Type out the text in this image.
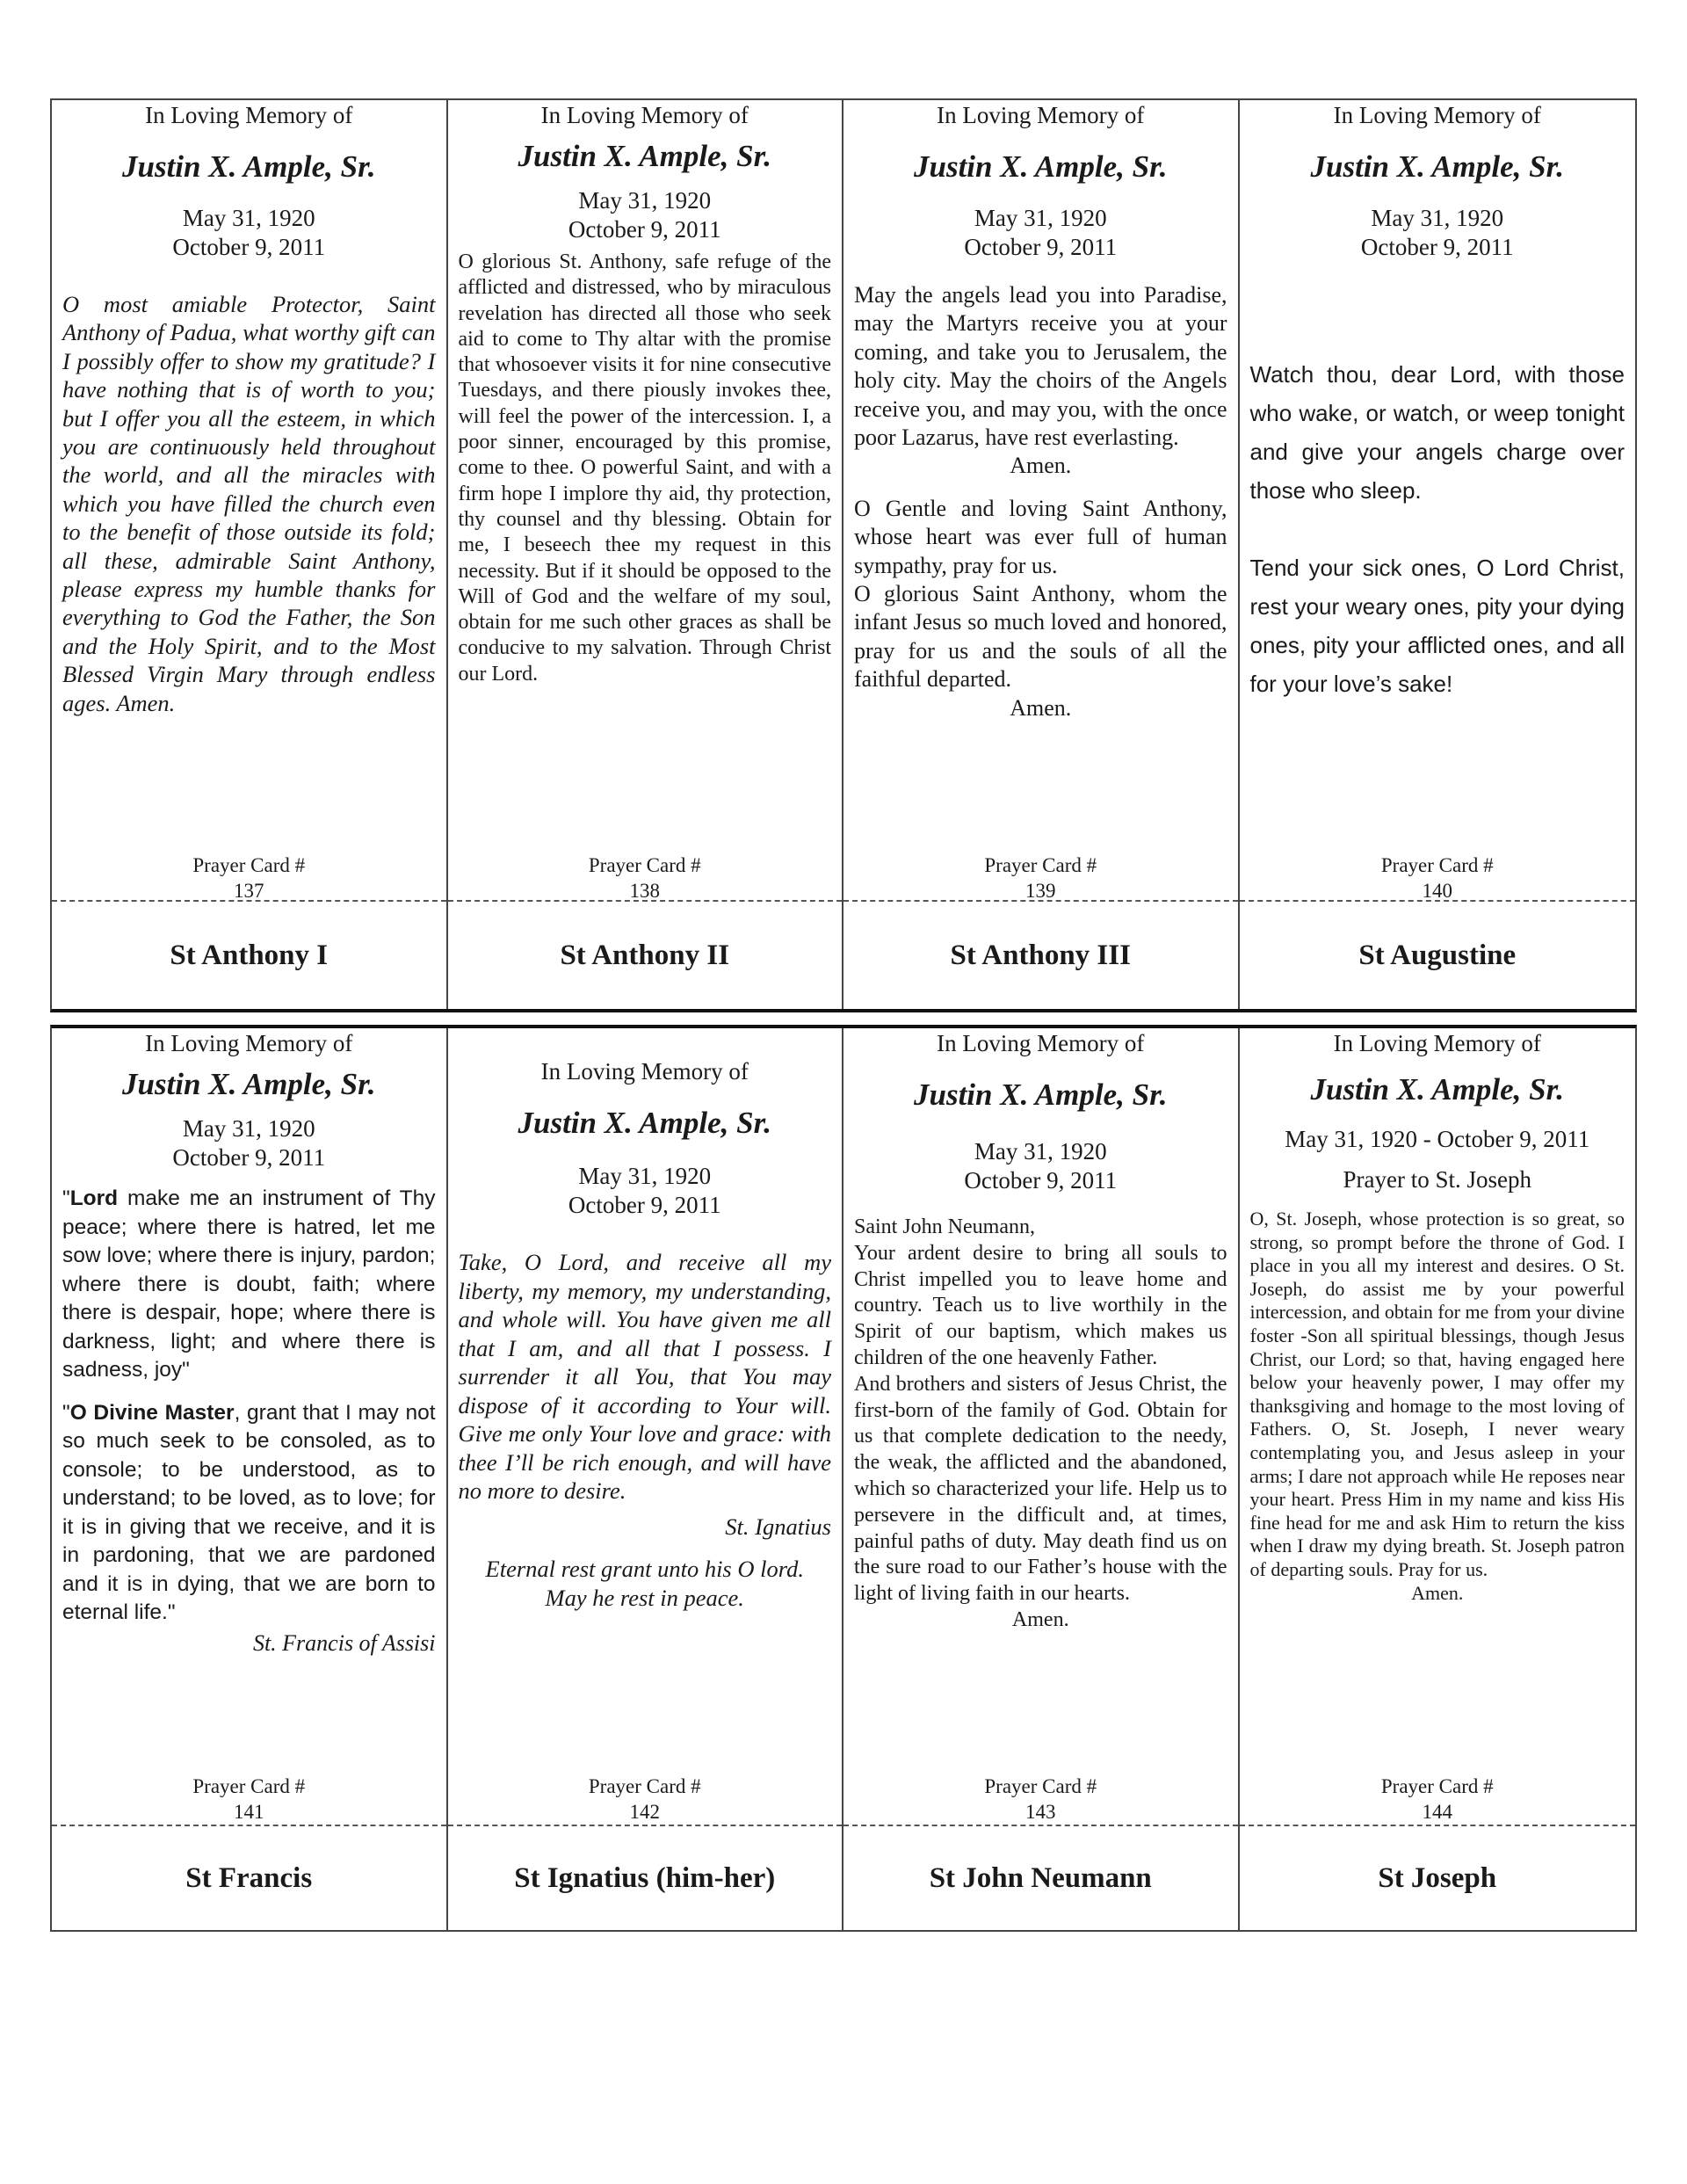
In Loving Memory of
Justin X. Ample, Sr.
May 31, 1920
October 9, 2011

O most amiable Protector, Saint Anthony of Padua, what worthy gift can I possibly offer to show my gratitude? I have nothing that is of worth to you; but I offer you all the esteem, in which you are continuously held throughout the world, and all the miracles with which you have filled the church even to the benefit of those outside its fold; all these, admirable Saint Anthony, please express my humble thanks for everything to God the Father, the Son and the Holy Spirit, and to the Most Blessed Virgin Mary through endless ages. Amen.

Prayer Card #
137
St Anthony I
In Loving Memory of
Justin X. Ample, Sr.
May 31, 1920
October 9, 2011

O glorious St. Anthony, safe refuge of the afflicted and distressed, who by miraculous revelation has directed all those who seek aid to come to Thy altar with the promise that whosoever visits it for nine consecutive Tuesdays, and there piously invokes thee, will feel the power of the intercession. I, a poor sinner, encouraged by this promise, come to thee. O powerful Saint, and with a firm hope I implore thy aid, thy protection, thy counsel and thy blessing. Obtain for me, I beseech thee my request in this necessity. But if it should be opposed to the Will of God and the welfare of my soul, obtain for me such other graces as shall be conducive to my salvation. Through Christ our Lord.

Prayer Card #
138
St Anthony II
In Loving Memory of
Justin X. Ample, Sr.
May 31, 1920
October 9, 2011

May the angels lead you into Paradise, may the Martyrs receive you at your coming, and take you to Jerusalem, the holy city. May the choirs of the Angels receive you, and may you, with the once poor Lazarus, have rest everlasting.

Amen.

O Gentle and loving Saint Anthony, whose heart was ever full of human sympathy, pray for us.

O glorious Saint Anthony, whom the infant Jesus so much loved and honored, pray for us and the souls of all the faithful departed.

Amen.

Prayer Card #
139
St Anthony III
In Loving Memory of
Justin X. Ample, Sr.
May 31, 1920
October 9, 2011

Watch thou, dear Lord, with those who wake, or watch, or weep tonight and give your angels charge over those who sleep.

Tend your sick ones, O Lord Christ, rest your weary ones, pity your dying ones, pity your afflicted ones, and all for your love’s sake!

Prayer Card #
140
St Augustine
In Loving Memory of
Justin X. Ample, Sr.
May 31, 1920
October 9, 2011

"Lord make me an instrument of Thy peace; where there is hatred, let me sow love; where there is injury, pardon; where there is doubt, faith; where there is despair, hope; where there is darkness, light; and where there is sadness, joy"

"O Divine Master, grant that I may not so much seek to be consoled, as to console; to be understood, as to understand; to be loved, as to love; for it is in giving that we receive, and it is in pardoning, that we are pardoned and it is in dying, that we are born to eternal life."

St. Francis of Assisi

Prayer Card #
141
St Francis
In Loving Memory of
Justin X. Ample, Sr.
May 31, 1920
October 9, 2011

Take, O Lord, and receive all my liberty, my memory, my understanding, and whole will. You have given me all that I am, and all that I possess. I surrender it all You, that You may dispose of it according to Your will. Give me only Your love and grace: with thee I’ll be rich enough, and will have no more to desire.

St. Ignatius

Eternal rest grant unto his O lord.

May he rest in peace.

Prayer Card #
142
St Ignatius (him-her)
In Loving Memory of
Justin X. Ample, Sr.
May 31, 1920
October 9, 2011

Saint John Neumann,

Your ardent desire to bring all souls to Christ impelled you to leave home and country. Teach us to live worthily in the Spirit of our baptism, which makes us children of the one heavenly Father.

And brothers and sisters of Jesus Christ, the first-born of the family of God. Obtain for us that complete dedication to the needy, the weak, the afflicted and the abandoned, which so characterized your life. Help us to persevere in the difficult and, at times, painful paths of duty. May death find us on the sure road to our Father’s house with the light of living faith in our hearts.

Amen.

Prayer Card #
143
St John Neumann
In Loving Memory of
Justin X. Ample, Sr.
May 31, 1920 - October 9, 2011
Prayer to St. Joseph

O, St. Joseph, whose protection is so great, so strong, so prompt before the throne of God. I place in you all my interest and desires. O St. Joseph, do assist me by your powerful intercession, and obtain for me from your divine foster -Son all spiritual blessings, though Jesus Christ, our Lord; so that, having engaged here below your heavenly power, I may offer my thanksgiving and homage to the most loving of Fathers. O, St. Joseph, I never weary contemplating you, and Jesus asleep in your arms; I dare not approach while He reposes near your heart. Press Him in my name and kiss His fine head for me and ask Him to return the kiss when I draw my dying breath. St. Joseph patron of departing souls. Pray for us.

Amen.

Prayer Card #
144
St Joseph
